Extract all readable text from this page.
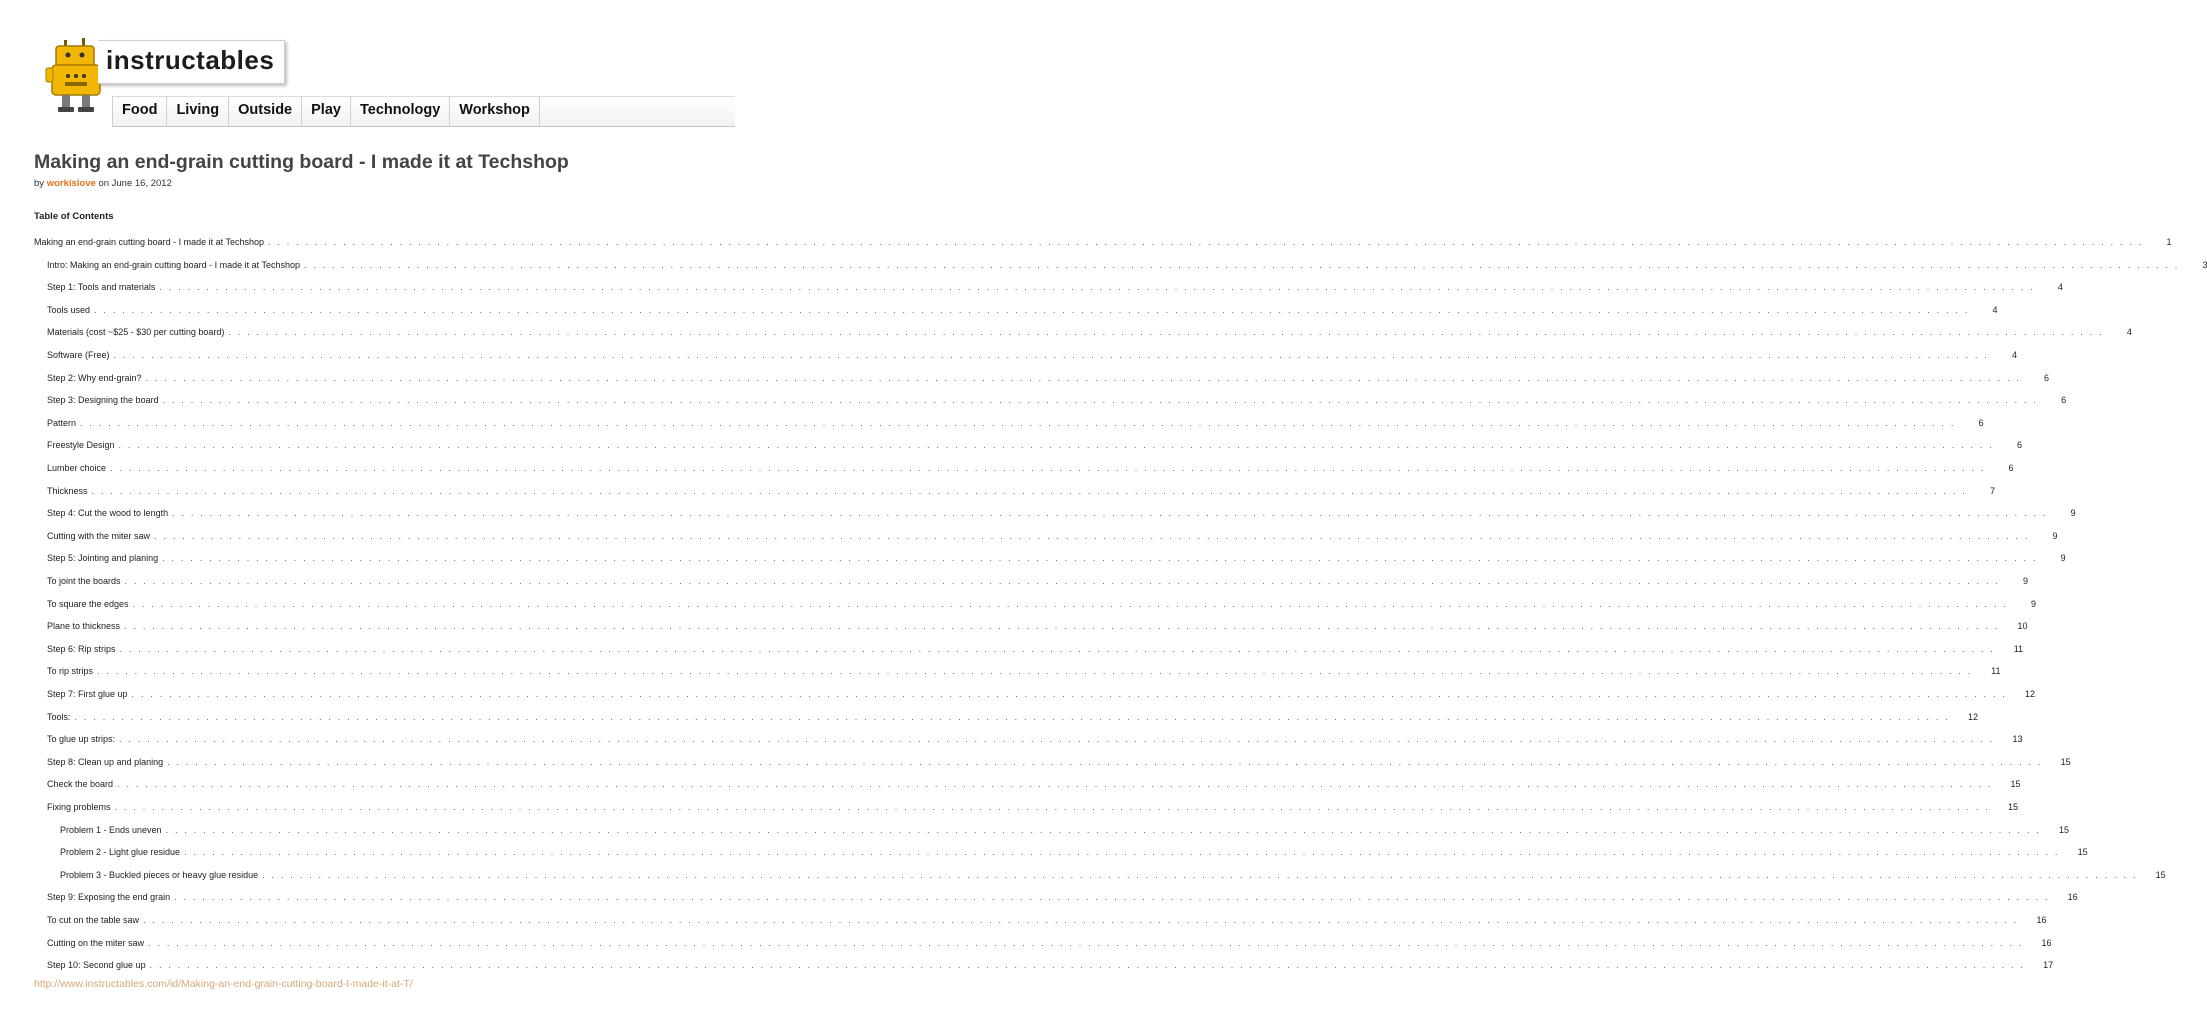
instructables
Food	Living	Outside	Play	Technology	Workshop
Making an end-grain cutting board - I made it at Techshop
by workislove on June 16, 2012
Table of Contents
Making an end-grain cutting board - I made it at Techshop . . . . . . . . . . . . . . . . . . . . . . . . . . . . . . . . . . . . . . . . . . . . . . . . . . . . . . . . . . . . . . . . . . . . . . . . . . . . . . . . . . . . . . . . . . . . . . . . . . . . . . . . . . . . . . . . . . . . . . . . . . . . . . . . . . . . . . . . . . . . . . . . . . . . . . . . . . . . . . . . . . . . . . . . . . . . . . . . . . . . . . . . . . . . . . . . . . . . . . . .	1
Intro: Making an end-grain cutting board - I made it at Techshop . . . . . . . . . . . . . . . . . . . . . . . . . . . . . . . . . . . . . . . . . . . . . . . . . . . . . . . . . . . . . . . . . . . . . . . . . . . . . . . . . . . . . . . . . . . . . . . . . . . . . . . . . . . . . . . . . . . . . . . . . . . . . . . . . . . . . . . . . . . . . . . . . . . . . . . . . . . . . . . . . . . . . . . . . . . . . . . . . . . . . . . . . . . . . . . . . . . . . . . .	3
Step 1: Tools and materials . . . . . . . . . . . . . . . . . . . . . . . . . . . . . . . . . . . . . . . . . . . . . . . . . . . . . . . . . . . . . . . . . . . . . . . . . . . . . . . . . . . . . . . . . . . . . . . . . . . . . . . . . . . . . . . . . . . . . . . . . . . . . . . . . . . . . . . . . . . . . . . . . . . . . . . . . . . . . . . . . . . . . . . . . . . . . . . . . . . . . . . . . . . . . . . . . . . . . . . .	4
Tools used . . . . . . . . . . . . . . . . . . . . . . . . . . . . . . . . . . . . . . . . . . . . . . . . . . . . . . . . . . . . . . . . . . . . . . . . . . . . . . . . . . . . . . . . . . . . . . . . . . . . . . . . . . . . . . . . . . . . . . . . . . . . . . . . . . . . . . . . . . . . . . . . . . . . . . . . . . . . . . . . . . . . . . . . . . . . . . . . . . . . . . . . . . . . . . . . . . . . . . . .	4
Materials (cost ~$25 - $30 per cutting board) . . . . . . . . . . . . . . . . . . . . . . . . . . . . . . . . . . . . . . . . . . . . . . . . . . . . . . . . . . . . . . . . . . . . . . . . . . . . . . . . . . . . . . . . . . . . . . . . . . . . . . . . . . . . . . . . . . . . . . . . . . . . . . . . . . . . . . . . . . . . . . . . . . . . . . . . . . . . . . . . . . . . . . . . . . . . . . . . . . . . . . . . . . . . . . . . . . . . . . . .	4
Software (Free) . . . . . . . . . . . . . . . . . . . . . . . . . . . . . . . . . . . . . . . . . . . . . . . . . . . . . . . . . . . . . . . . . . . . . . . . . . . . . . . . . . . . . . . . . . . . . . . . . . . . . . . . . . . . . . . . . . . . . . . . . . . . . . . . . . . . . . . . . . . . . . . . . . . . . . . . . . . . . . . . . . . . . . . . . . . . . . . . . . . . . . . . . . . . . . . . . . . . . . . .	4
Step 2: Why end-grain? . . . . . . . . . . . . . . . . . . . . . . . . . . . . . . . . . . . . . . . . . . . . . . . . . . . . . . . . . . . . . . . . . . . . . . . . . . . . . . . . . . . . . . . . . . . . . . . . . . . . . . . . . . . . . . . . . . . . . . . . . . . . . . . . . . . . . . . . . . . . . . . . . . . . . . . . . . . . . . . . . . . . . . . . . . . . . . . . . . . . . . . . . . . . . . . . . . . . . . . .	6
Step 3: Designing the board . . . . . . . . . . . . . . . . . . . . . . . . . . . . . . . . . . . . . . . . . . . . . . . . . . . . . . . . . . . . . . . . . . . . . . . . . . . . . . . . . . . . . . . . . . . . . . . . . . . . . . . . . . . . . . . . . . . . . . . . . . . . . . . . . . . . . . . . . . . . . . . . . . . . . . . . . . . . . . . . . . . . . . . . . . . . . . . . . . . . . . . . . . . . . . . . . . . . . . . .	6
Pattern . . . . . . . . . . . . . . . . . . . . . . . . . . . . . . . . . . . . . . . . . . . . . . . . . . . . . . . . . . . . . . . . . . . . . . . . . . . . . . . . . . . . . . . . . . . . . . . . . . . . . . . . . . . . . . . . . . . . . . . . . . . . . . . . . . . . . . . . . . . . . . . . . . . . . . . . . . . . . . . . . . . . . . . . . . . . . . . . . . . . . . . . . . . . . . . . . . . . . . . .	6
Freestyle Design . . . . . . . . . . . . . . . . . . . . . . . . . . . . . . . . . . . . . . . . . . . . . . . . . . . . . . . . . . . . . . . . . . . . . . . . . . . . . . . . . . . . . . . . . . . . . . . . . . . . . . . . . . . . . . . . . . . . . . . . . . . . . . . . . . . . . . . . . . . . . . . . . . . . . . . . . . . . . . . . . . . . . . . . . . . . . . . . . . . . . . . . . . . . . . . . . . . . . . . .	6
Lumber choice . . . . . . . . . . . . . . . . . . . . . . . . . . . . . . . . . . . . . . . . . . . . . . . . . . . . . . . . . . . . . . . . . . . . . . . . . . . . . . . . . . . . . . . . . . . . . . . . . . . . . . . . . . . . . . . . . . . . . . . . . . . . . . . . . . . . . . . . . . . . . . . . . . . . . . . . . . . . . . . . . . . . . . . . . . . . . . . . . . . . . . . . . . . . . . . . . . . . . . . .	6
Thickness . . . . . . . . . . . . . . . . . . . . . . . . . . . . . . . . . . . . . . . . . . . . . . . . . . . . . . . . . . . . . . . . . . . . . . . . . . . . . . . . . . . . . . . . . . . . . . . . . . . . . . . . . . . . . . . . . . . . . . . . . . . . . . . . . . . . . . . . . . . . . . . . . . . . . . . . . . . . . . . . . . . . . . . . . . . . . . . . . . . . . . . . . . . . . . . . . . . . . . . .	7
Step 4: Cut the wood to length . . . . . . . . . . . . . . . . . . . . . . . . . . . . . . . . . . . . . . . . . . . . . . . . . . . . . . . . . . . . . . . . . . . . . . . . . . . . . . . . . . . . . . . . . . . . . . . . . . . . . . . . . . . . . . . . . . . . . . . . . . . . . . . . . . . . . . . . . . . . . . . . . . . . . . . . . . . . . . . . . . . . . . . . . . . . . . . . . . . . . . . . . . . . . . . . . . . . . . . .	9
Cutting with the miter saw . . . . . . . . . . . . . . . . . . . . . . . . . . . . . . . . . . . . . . . . . . . . . . . . . . . . . . . . . . . . . . . . . . . . . . . . . . . . . . . . . . . . . . . . . . . . . . . . . . . . . . . . . . . . . . . . . . . . . . . . . . . . . . . . . . . . . . . . . . . . . . . . . . . . . . . . . . . . . . . . . . . . . . . . . . . . . . . . . . . . . . . . . . . . . . . . . . . . . . . .	9
Step 5: Jointing and planing . . . . . . . . . . . . . . . . . . . . . . . . . . . . . . . . . . . . . . . . . . . . . . . . . . . . . . . . . . . . . . . . . . . . . . . . . . . . . . . . . . . . . . . . . . . . . . . . . . . . . . . . . . . . . . . . . . . . . . . . . . . . . . . . . . . . . . . . . . . . . . . . . . . . . . . . . . . . . . . . . . . . . . . . . . . . . . . . . . . . . . . . . . . . . . . . . . . . . . . .	9
To joint the boards . . . . . . . . . . . . . . . . . . . . . . . . . . . . . . . . . . . . . . . . . . . . . . . . . . . . . . . . . . . . . . . . . . . . . . . . . . . . . . . . . . . . . . . . . . . . . . . . . . . . . . . . . . . . . . . . . . . . . . . . . . . . . . . . . . . . . . . . . . . . . . . . . . . . . . . . . . . . . . . . . . . . . . . . . . . . . . . . . . . . . . . . . . . . . . . . . . . . . . . .	9
To square the edges . . . . . . . . . . . . . . . . . . . . . . . . . . . . . . . . . . . . . . . . . . . . . . . . . . . . . . . . . . . . . . . . . . . . . . . . . . . . . . . . . . . . . . . . . . . . . . . . . . . . . . . . . . . . . . . . . . . . . . . . . . . . . . . . . . . . . . . . . . . . . . . . . . . . . . . . . . . . . . . . . . . . . . . . . . . . . . . . . . . . . . . . . . . . . . . . . . . . . . . .	9
Plane to thickness . . . . . . . . . . . . . . . . . . . . . . . . . . . . . . . . . . . . . . . . . . . . . . . . . . . . . . . . . . . . . . . . . . . . . . . . . . . . . . . . . . . . . . . . . . . . . . . . . . . . . . . . . . . . . . . . . . . . . . . . . . . . . . . . . . . . . . . . . . . . . . . . . . . . . . . . . . . . . . . . . . . . . . . . . . . . . . . . . . . . . . . . . . . . . . . . . . . . . . . .	10
Step 6: Rip strips . . . . . . . . . . . . . . . . . . . . . . . . . . . . . . . . . . . . . . . . . . . . . . . . . . . . . . . . . . . . . . . . . . . . . . . . . . . . . . . . . . . . . . . . . . . . . . . . . . . . . . . . . . . . . . . . . . . . . . . . . . . . . . . . . . . . . . . . . . . . . . . . . . . . . . . . . . . . . . . . . . . . . . . . . . . . . . . . . . . . . . . . . . . . . . . . . . . . . . . .	11
To rip strips . . . . . . . . . . . . . . . . . . . . . . . . . . . . . . . . . . . . . . . . . . . . . . . . . . . . . . . . . . . . . . . . . . . . . . . . . . . . . . . . . . . . . . . . . . . . . . . . . . . . . . . . . . . . . . . . . . . . . . . . . . . . . . . . . . . . . . . . . . . . . . . . . . . . . . . . . . . . . . . . . . . . . . . . . . . . . . . . . . . . . . . . . . . . . . . . . . . . . . . .	11
Step 7: First glue up . . . . . . . . . . . . . . . . . . . . . . . . . . . . . . . . . . . . . . . . . . . . . . . . . . . . . . . . . . . . . . . . . . . . . . . . . . . . . . . . . . . . . . . . . . . . . . . . . . . . . . . . . . . . . . . . . . . . . . . . . . . . . . . . . . . . . . . . . . . . . . . . . . . . . . . . . . . . . . . . . . . . . . . . . . . . . . . . . . . . . . . . . . . . . . . . . . . . . . . .	12
Tools: . . . . . . . . . . . . . . . . . . . . . . . . . . . . . . . . . . . . . . . . . . . . . . . . . . . . . . . . . . . . . . . . . . . . . . . . . . . . . . . . . . . . . . . . . . . . . . . . . . . . . . . . . . . . . . . . . . . . . . . . . . . . . . . . . . . . . . . . . . . . . . . . . . . . . . . . . . . . . . . . . . . . . . . . . . . . . . . . . . . . . . . . . . . . . . . . . . . . . . . .	12
To glue up strips: . . . . . . . . . . . . . . . . . . . . . . . . . . . . . . . . . . . . . . . . . . . . . . . . . . . . . . . . . . . . . . . . . . . . . . . . . . . . . . . . . . . . . . . . . . . . . . . . . . . . . . . . . . . . . . . . . . . . . . . . . . . . . . . . . . . . . . . . . . . . . . . . . . . . . . . . . . . . . . . . . . . . . . . . . . . . . . . . . . . . . . . . . . . . . . . . . . . . . . . .	13
Step 8: Clean up and planing . . . . . . . . . . . . . . . . . . . . . . . . . . . . . . . . . . . . . . . . . . . . . . . . . . . . . . . . . . . . . . . . . . . . . . . . . . . . . . . . . . . . . . . . . . . . . . . . . . . . . . . . . . . . . . . . . . . . . . . . . . . . . . . . . . . . . . . . . . . . . . . . . . . . . . . . . . . . . . . . . . . . . . . . . . . . . . . . . . . . . . . . . . . . . . . . . . . . . . . .	15
Check the board . . . . . . . . . . . . . . . . . . . . . . . . . . . . . . . . . . . . . . . . . . . . . . . . . . . . . . . . . . . . . . . . . . . . . . . . . . . . . . . . . . . . . . . . . . . . . . . . . . . . . . . . . . . . . . . . . . . . . . . . . . . . . . . . . . . . . . . . . . . . . . . . . . . . . . . . . . . . . . . . . . . . . . . . . . . . . . . . . . . . . . . . . . . . . . . . . . . . . . . .	15
Fixing problems . . . . . . . . . . . . . . . . . . . . . . . . . . . . . . . . . . . . . . . . . . . . . . . . . . . . . . . . . . . . . . . . . . . . . . . . . . . . . . . . . . . . . . . . . . . . . . . . . . . . . . . . . . . . . . . . . . . . . . . . . . . . . . . . . . . . . . . . . . . . . . . . . . . . . . . . . . . . . . . . . . . . . . . . . . . . . . . . . . . . . . . . . . . . . . . . . . . . . . . .	15
Problem 1 - Ends uneven . . . . . . . . . . . . . . . . . . . . . . . . . . . . . . . . . . . . . . . . . . . . . . . . . . . . . . . . . . . . . . . . . . . . . . . . . . . . . . . . . . . . . . . . . . . . . . . . . . . . . . . . . . . . . . . . . . . . . . . . . . . . . . . . . . . . . . . . . . . . . . . . . . . . . . . . . . . . . . . . . . . . . . . . . . . . . . . . . . . . . . . . . . . . . . . . . . . . . . . .	15
Problem 2 - Light glue residue . . . . . . . . . . . . . . . . . . . . . . . . . . . . . . . . . . . . . . . . . . . . . . . . . . . . . . . . . . . . . . . . . . . . . . . . . . . . . . . . . . . . . . . . . . . . . . . . . . . . . . . . . . . . . . . . . . . . . . . . . . . . . . . . . . . . . . . . . . . . . . . . . . . . . . . . . . . . . . . . . . . . . . . . . . . . . . . . . . . . . . . . . . . . . . . . . . . . . . . .	15
Problem 3 - Buckled pieces or heavy glue residue . . . . . . . . . . . . . . . . . . . . . . . . . . . . . . . . . . . . . . . . . . . . . . . . . . . . . . . . . . . . . . . . . . . . . . . . . . . . . . . . . . . . . . . . . . . . . . . . . . . . . . . . . . . . . . . . . . . . . . . . . . . . . . . . . . . . . . . . . . . . . . . . . . . . . . . . . . . . . . . . . . . . . . . . . . . . . . . . . . . . . . . . . . . . . . . . . . . . . . . .	15
Step 9: Exposing the end grain . . . . . . . . . . . . . . . . . . . . . . . . . . . . . . . . . . . . . . . . . . . . . . . . . . . . . . . . . . . . . . . . . . . . . . . . . . . . . . . . . . . . . . . . . . . . . . . . . . . . . . . . . . . . . . . . . . . . . . . . . . . . . . . . . . . . . . . . . . . . . . . . . . . . . . . . . . . . . . . . . . . . . . . . . . . . . . . . . . . . . . . . . . . . . . . . . . . . . . . .	16
To cut on the table saw . . . . . . . . . . . . . . . . . . . . . . . . . . . . . . . . . . . . . . . . . . . . . . . . . . . . . . . . . . . . . . . . . . . . . . . . . . . . . . . . . . . . . . . . . . . . . . . . . . . . . . . . . . . . . . . . . . . . . . . . . . . . . . . . . . . . . . . . . . . . . . . . . . . . . . . . . . . . . . . . . . . . . . . . . . . . . . . . . . . . . . . . . . . . . . . . . . . . . . . .	16
Cutting on the miter saw . . . . . . . . . . . . . . . . . . . . . . . . . . . . . . . . . . . . . . . . . . . . . . . . . . . . . . . . . . . . . . . . . . . . . . . . . . . . . . . . . . . . . . . . . . . . . . . . . . . . . . . . . . . . . . . . . . . . . . . . . . . . . . . . . . . . . . . . . . . . . . . . . . . . . . . . . . . . . . . . . . . . . . . . . . . . . . . . . . . . . . . . . . . . . . . . . . . . . . . .	16
Step 10: Second glue up . . . . . . . . . . . . . . . . . . . . . . . . . . . . . . . . . . . . . . . . . . . . . . . . . . . . . . . . . . . . . . . . . . . . . . . . . . . . . . . . . . . . . . . . . . . . . . . . . . . . . . . . . . . . . . . . . . . . . . . . . . . . . . . . . . . . . . . . . . . . . . . . . . . . . . . . . . . . . . . . . . . . . . . . . . . . . . . . . . . . . . . . . . . . . . . . . . . . . . . .	17
http://www.instructables.com/id/Making-an-end-grain-cutting-board-I-made-it-at-T/
